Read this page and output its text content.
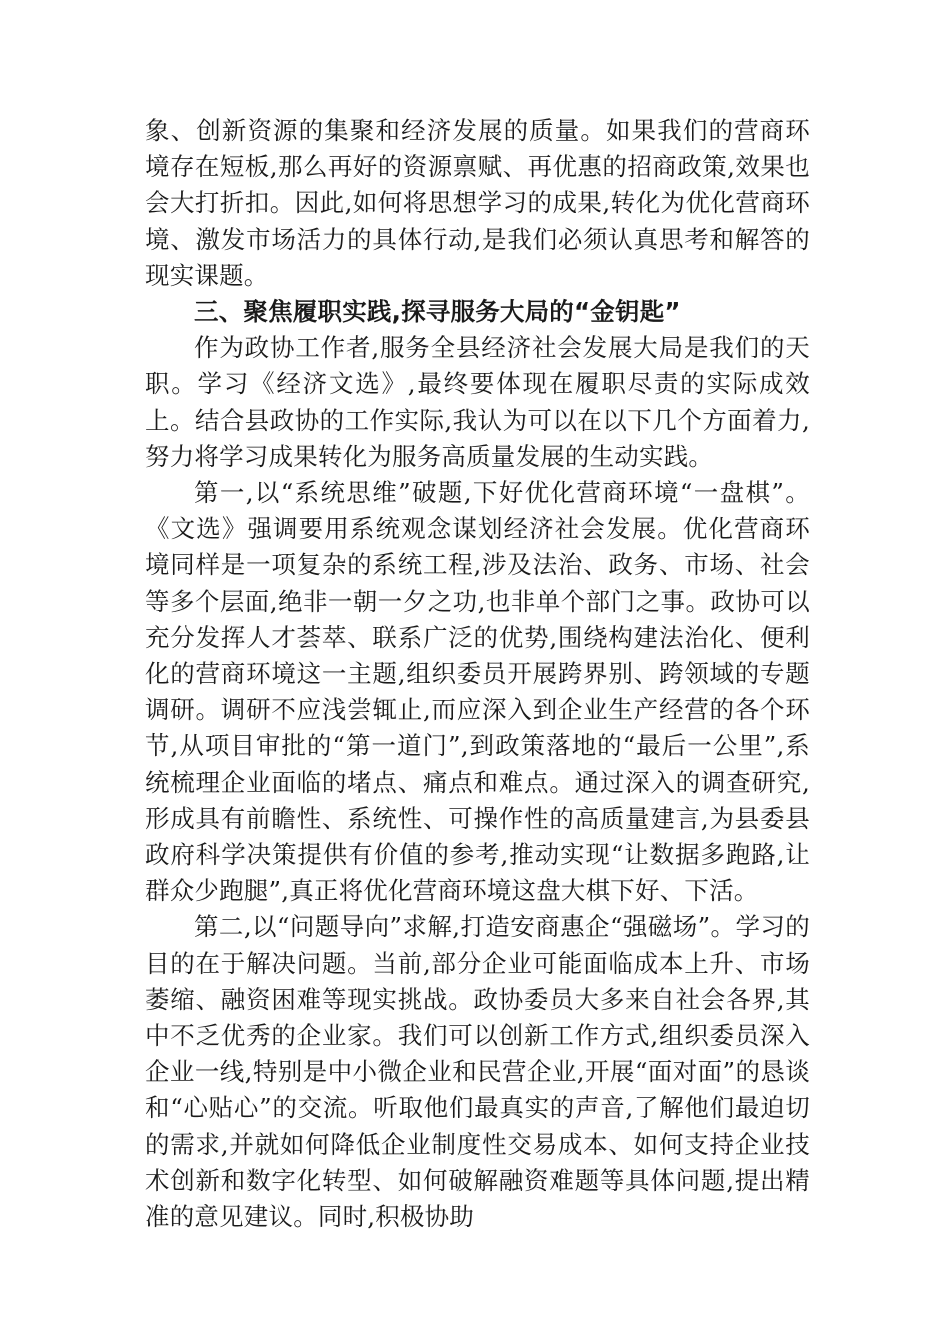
象、创新资源的集聚和经济发展的质量。如果我们的营商环境存在短板,那么再好的资源禀赋、再优惠的招商政策,效果也会大打折扣。因此,如何将思想学习的成果,转化为优化营商环境、激发市场活力的具体行动,是我们必须认真思考和解答的现实课题。

三、聚焦履职实践,探寻服务大局的“金钥匙”

作为政协工作者,服务全县经济社会发展大局是我们的天职。学习《经济文选》,最终要体现在履职尽责的实际成效上。结合县政协的工作实际,我认为可以在以下几个方面着力,努力将学习成果转化为服务高质量发展的生动实践。

第一,以“系统思维”破题,下好优化营商环境“一盘棋”。《文选》强调要用系统观念谋划经济社会发展。优化营商环境同样是一项复杂的系统工程,涉及法治、政务、市场、社会等多个层面,绝非一朝一夕之功,也非单个部门之事。政协可以充分发挥人才荟萃、联系广泛的优势,围绕构建法治化、便利化的营商环境这一主题,组织委员开展跨界别、跨领域的专题调研。调研不应浅尝辄止,而应深入到企业生产经营的各个环节,从项目审批的“第一道门”,到政策落地的“最后一公里”,系统梳理企业面临的堵点、痛点和难点。通过深入的调查研究,形成具有前瞻性、系统性、可操作性的高质量建言,为县委县政府科学决策提供有价值的参考,推动实现“让数据多跑路,让群众少跑腿”,真正将优化营商环境这盘大棋下好、下活。

第二,以“问题导向”求解,打造安商惠企“强磁场”。学习的目的在于解决问题。当前,部分企业可能面临成本上升、市场萎缩、融资困难等现实挑战。政协委员大多来自社会各界,其中不乏优秀的企业家。我们可以创新工作方式,组织委员深入企业一线,特别是中小微企业和民营企业,开展“面对面”的恳谈和“心贴心”的交流。听取他们最真实的声音,了解他们最迫切的需求,并就如何降低企业制度性交易成本、如何支持企业技术创新和数字化转型、如何破解融资难题等具体问题,提出精准的意见建议。同时,积极协助
